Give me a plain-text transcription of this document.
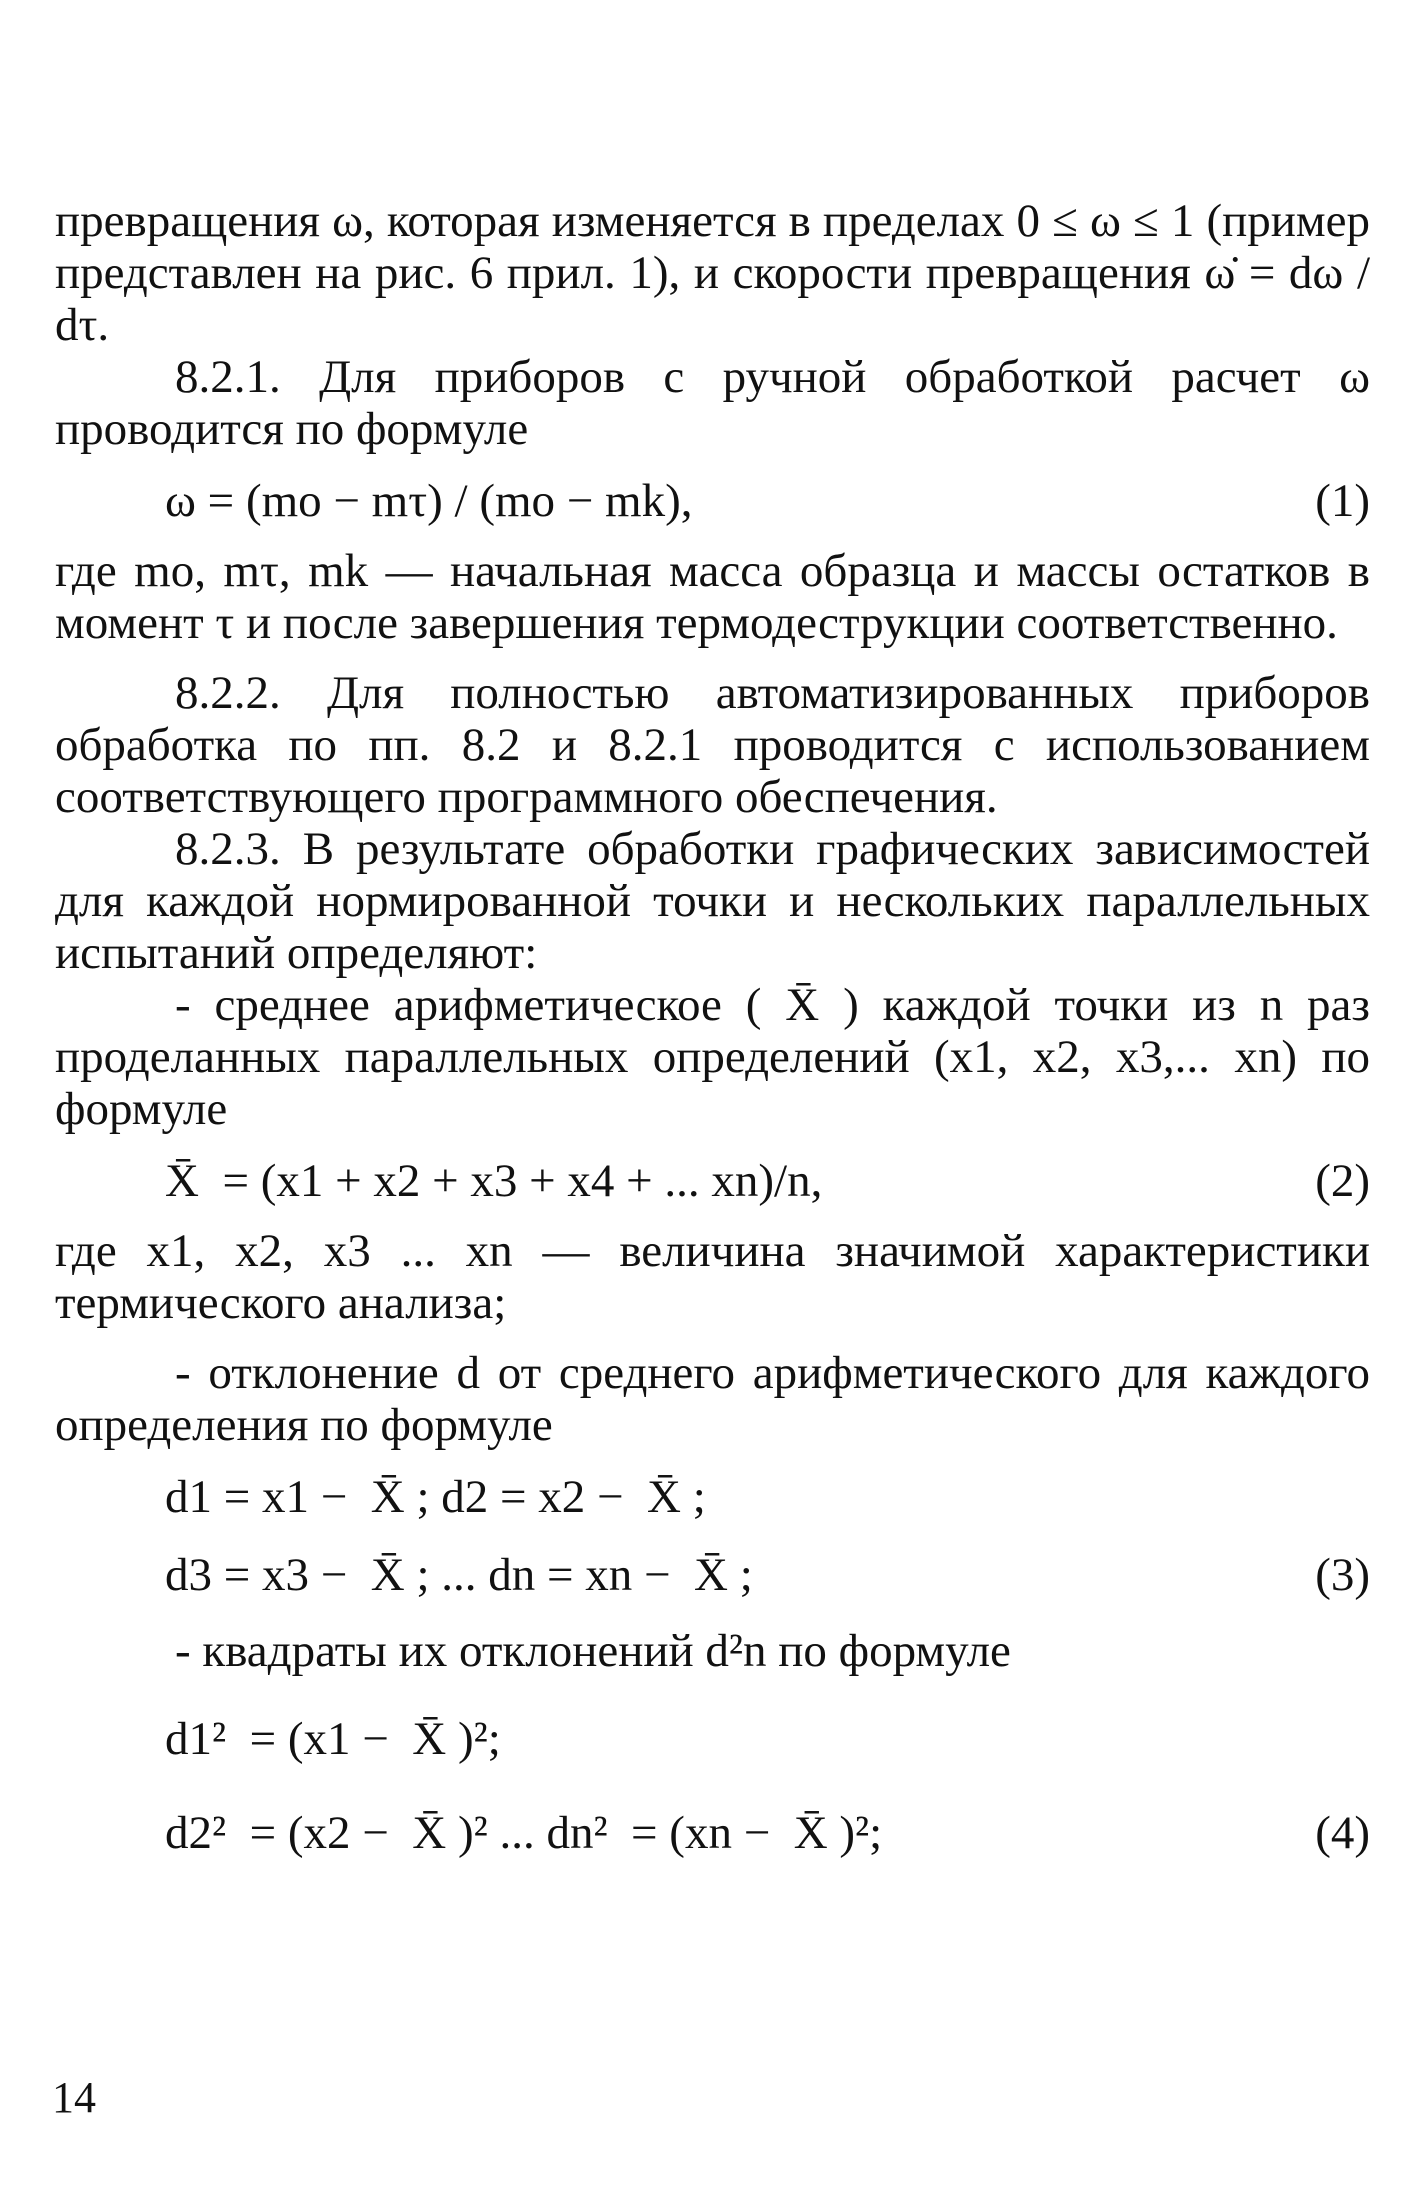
превращения ω, которая изменяется в пределах 0 ≤ ω ≤ 1 (пример представлен на рис. 6 прил. 1), и скорости превращения ω̇ = dω / dτ.

8.2.1. Для приборов с ручной обработкой расчет ω проводится по формуле

ω = (mo − mτ) / (mo − mk),	(1)

где mo, mτ, mk — начальная масса образца и массы остатков в момент τ и после завершения термодеструкции соответственно.

8.2.2. Для полностью автоматизированных приборов обработка по пп. 8.2 и 8.2.1 проводится с использованием соответствующего программного обеспечения.

8.2.3. В результате обработки графических зависимостей для каждой нормированной точки и нескольких параллельных испытаний определяют:

- среднее арифметическое ( X̄ ) каждой точки из n раз проделанных параллельных определений (x1, x2, x3,... xn) по формуле

X̄  = (x1 + x2 + x3 + x4 + ... xn)/n,	(2)

где x1, x2, x3 ... xn — величина значимой характеристики термического анализа;

- отклонение d от среднего арифметического для каждого определения по формуле

d1 = x1 −  X̄ ; d2 = x2 −  X̄ ;
d3 = x3 −  X̄ ; ... dn = xn −  X̄ ;	(3)

- квадраты их отклонений d²n по формуле

d1²  = (x1 −  X̄ )²;
d2²  = (x2 −  X̄ )² ... dn²  = (xn −  X̄ )²;	(4)
14
